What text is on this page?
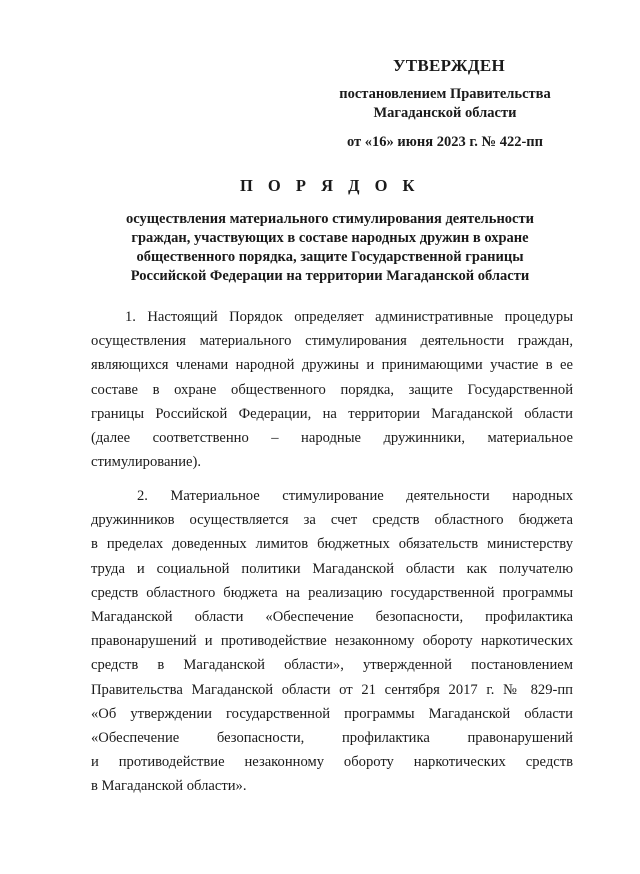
УТВЕРЖДЕН
постановлением Правительства
Магаданской области
от «16» июня 2023 г. № 422-пп
П О Р Я Д О К
осуществления материального стимулирования деятельности
граждан, участвующих в составе народных дружин в охране
общественного порядка, защите Государственной границы
Российской Федерации на территории Магаданской области
1. Настоящий Порядок определяет административные процедуры
осуществления материального стимулирования деятельности граждан,
являющихся членами народной дружины и принимающими участие в ее
составе в охране общественного порядка, защите Государственной
границы Российской Федерации, на территории Магаданской области
(далее соответственно – народные дружинники, материальное
стимулирование).
2. Материальное стимулирование деятельности народных
дружинников осуществляется за счет средств областного бюджета
в пределах доведенных лимитов бюджетных обязательств министерству
труда и социальной политики Магаданской области как получателю
средств областного бюджета на реализацию государственной программы
Магаданской области «Обеспечение безопасности, профилактика
правонарушений и противодействие незаконному обороту наркотических
средств в Магаданской области», утвержденной постановлением
Правительства Магаданской области от 21 сентября 2017 г. № 829-пп
«Об утверждении государственной программы Магаданской области
«Обеспечение безопасности, профилактика правонарушений
и противодействие незаконному обороту наркотических средств
в Магаданской области».
